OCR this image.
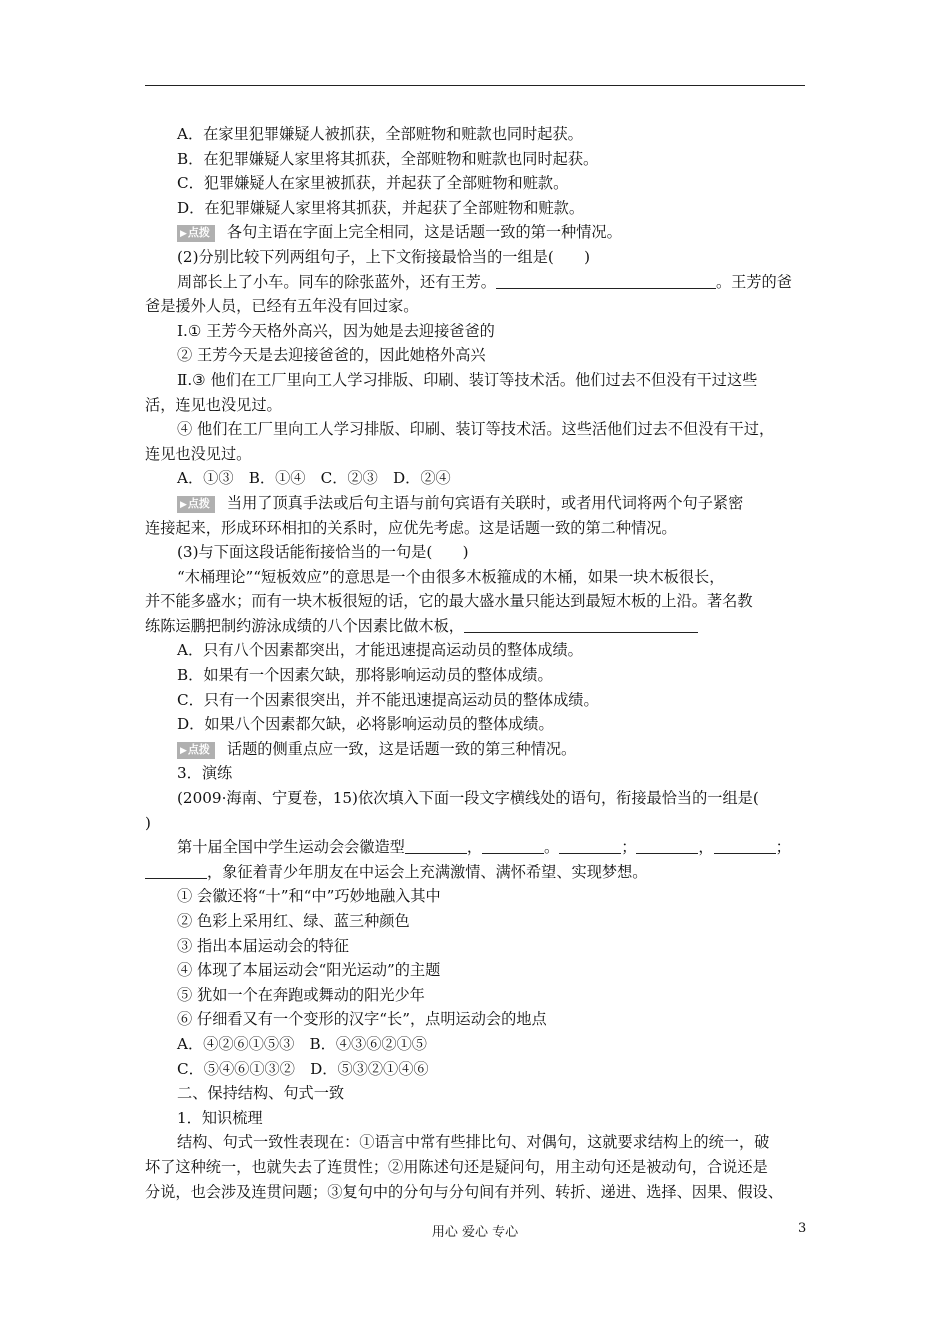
A．在家里犯罪嫌疑人被抓获，全部赃物和赃款也同时起获。
B．在犯罪嫌疑人家里将其抓获，全部赃物和赃款也同时起获。
C．犯罪嫌疑人在家里被抓获，并起获了全部赃物和赃款。
D．在犯罪嫌疑人家里将其抓获，并起获了全部赃物和赃款。
▶点拨 各句主语在字面上完全相同，这是话题一致的第一种情况。
(2)分别比较下列两组句子，上下文衔接最恰当的一组是(　　)
周部长上了小车。同车的除张蓝外，还有王芳。	。王芳的爸
爸是援外人员，已经有五年没有回过家。
Ⅰ.① 王芳今天格外高兴，因为她是去迎接爸爸的
② 王芳今天是去迎接爸爸的，因此她格外高兴
Ⅱ.③ 他们在工厂里向工人学习排版、印刷、装订等技术活。他们过去不但没有干过这些
活，连见也没见过。
④ 他们在工厂里向工人学习排版、印刷、装订等技术活。这些活他们过去不但没有干过，
连见也没见过。
A．①③　B．①④　C．②③　D．②④
▶点拨 当用了顶真手法或后句主语与前句宾语有关联时，或者用代词将两个句子紧密
连接起来，形成环环相扣的关系时，应优先考虑。这是话题一致的第二种情况。
(3)与下面这段话能衔接恰当的一句是(　　)
“木桶理论”“短板效应”的意思是一个由很多木板箍成的木桶，如果一块木板很长，
并不能多盛水；而有一块木板很短的话，它的最大盛水量只能达到最短木板的上沿。著名教
练陈运鹏把制约游泳成绩的八个因素比做木板，
A．只有八个因素都突出，才能迅速提高运动员的整体成绩。
B．如果有一个因素欠缺，那将影响运动员的整体成绩。
C．只有一个因素很突出，并不能迅速提高运动员的整体成绩。
D．如果八个因素都欠缺，必将影响运动员的整体成绩。
▶点拨 话题的侧重点应一致，这是话题一致的第三种情况。
3．演练
(2009·海南、宁夏卷，15)依次填入下面一段文字横线处的语句，衔接最恰当的一组是(
)
第十届全国中学生运动会会徽造型	，	。	；	，	；
，象征着青少年朋友在中运会上充满激情、满怀希望、实现梦想。
① 会徽还将“十”和“中”巧妙地融入其中
② 色彩上采用红、绿、蓝三种颜色
③ 指出本届运动会的特征
④ 体现了本届运动会“阳光运动”的主题
⑤ 犹如一个在奔跑或舞动的阳光少年
⑥ 仔细看又有一个变形的汉字“长”，点明运动会的地点
A．④②⑥①⑤③　B．④③⑥②①⑤
C．⑤④⑥①③②　D．⑤③②①④⑥
二、保持结构、句式一致
1．知识梳理
结构、句式一致性表现在：①语言中常有些排比句、对偶句，这就要求结构上的统一，破
坏了这种统一，也就失去了连贯性；②用陈述句还是疑问句，用主动句还是被动句，合说还是
分说，也会涉及连贯问题；③复句中的分句与分句间有并列、转折、递进、选择、因果、假设、
用心 爱心 专心	3
